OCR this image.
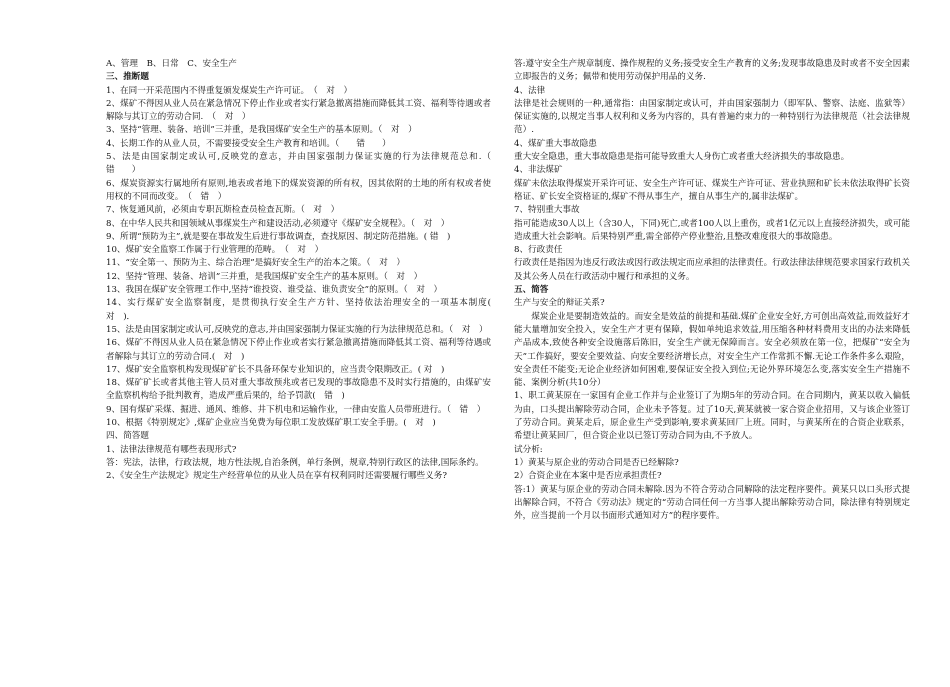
A、管理　B、日常　C、安全生产

三、推断题

1、在同一开采范围内不得重复颁发煤炭生产许可证。　（　对　）

2、煤矿不得因从业人员在紧急情况下停止作业或者实行紧急撤离措施而降低其工资、福利等待遇或者解除与其订立的劳动合同.　（　对　）

3、坚持“管理、装备、培训”三并重，是我国煤矿安全生产的基本原则。（　对　）

4、长期工作的从业人员，不需要接受安全生产教育和培训。（　　错　　）

5、法是由国家制定或认可,反映党的意志，并由国家强制力保证实施的行为法律规范总和.（　　错　　）

6、煤炭资源实行属地所有原则,地表或者地下的煤炭资源的所有权，因其依附的土地的所有权或者使用权的不同而改变。　（　错　）

7、恢复通风前，必须由专职瓦斯检查员检查瓦斯。（　对　）

8、在中华人民共和国领域从事煤炭生产和建设活动,必须遵守《煤矿安全规程》。（　对　）

9、所谓“预防为主”,就是要在事故发生后进行事故调查，查找原因、制定防范措施。( 错　)

10、煤矿安全监察工作属于行业管理的范畴。　（　对　）

11、“安全第一、预防为主、综合治理”是搞好安全生产的治本之策。（　对　）

12、坚持“管理、装备、培训”三并重，是我国煤矿安全生产的基本原则。（　对　）

13、我国在煤矿安全管理工作中,坚持“谁投资、谁受益、谁负责安全”的原则。（　对　）

14、实行煤矿安全监察制度，是贯彻执行安全生产方针、坚持依法治理安全的一项基本制度(　对　)．

15、法是由国家制定或认可,反映党的意志,并由国家强制力保证实施的行为法律规范总和。（　对　）

16、煤矿不得因从业人员在紧急情况下停止作业或者实行紧急撤离措施而降低其工资、福利等待遇或者解除与其订立的劳动合同.(　对　)

17、煤矿安全监察机构发现煤矿矿长不具备环保专业知识的，应当责令限期改正。( 对　)

18、煤矿矿长或者其他主管人员对重大事故预兆或者已发现的事故隐患不及时实行措施的，由煤矿安全监察机构给予批判教育，造成严重后果的，给予罚款(　错　)

9、国有煤矿采煤、掘进、通风、维修、井下机电和运输作业，一律由安监人员带班进行。（　错　）

10、根据《特别规定》,煤矿企业应当免费为每位职工发放煤矿职工安全手册。(　对　)

四、简答题

1、法律法律规范有哪些表现形式?

答：宪法，法律，行政法规，地方性法规,自治条例，单行条例，规章,特别行政区的法律,国际条约。

2、《安全生产法规定》规定生产经营单位的从业人员在享有权利同时还需要履行哪些义务?

答:遵守安全生产规章制度、操作规程的义务;接受安全生产教育的义务;发现事故隐患及时或者不安全因素立即报告的义务；佩带和使用劳动保护用品的义务.

4、法律

法律是社会规则的一种,通常指：由国家制定或认可，并由国家强制力（即军队、警察、法庭、监狱等）保证实施的,以规定当事人权利和义务为内容的，具有普遍约束力的一种特别行为法律规范（社会法律规范）.

4、煤矿重大事故隐患

重大安全隐患，重大事故隐患是指可能导致重大人身伤亡或者重大经济损失的事故隐患。

4、非法煤矿

煤矿未依法取得煤炭开采许可证、安全生产许可证、煤炭生产许可证、营业执照和矿长未依法取得矿长资格证、矿长安全资格证的,煤矿不得从事生产，擅自从事生产的,属非法煤矿。

7、特别重大事故

指可能造成30人以上（含30人，下同)死亡,或者100人以上重伤，或者1亿元以上直接经济损失，或可能造成重大社会影响。后果特别严重,需全部停产停业整治,且整改难度很大的事故隐患。

8、行政责任

行政责任是指因为违反行政法或因行政法规定而应承担的法律责任。行政法律法律规范要求国家行政机关及其公务人员在行政活动中履行和承担的义务。

五、简答

生产与安全的辩证关系?

煤炭企业是要制造效益的。而安全是效益的前提和基础.煤矿企业安全好,方可创出高效益,而效益好才能大量增加安全投入，安全生产才更有保障，假如单纯追求效益,用压缩各种材料费用支出的办法来降低产品成本,致使各种安全设施落后陈旧，安全生产就无保障而言。安全必须放在第一位，把煤矿“安全为天”工作搞好，要安全要效益、向安全要经济增长点，对安全生产工作常抓不懈.无论工作条件多么艰险，安全责任不能变;无论企业经济如何困难,要保证安全投入到位;无论外界环境怎么变,落实安全生产措施不能、案例分析(共10分）

1、职工黄某原在一家国有企业工作并与企业签订了为期5年的劳动合同。在合同期内，黄某以收入偏低为由，口头提出解除劳动合同，企业未予答复。过了10天,黄某就被一家合资企业招用，又与该企业签订了劳动合同。黄某走后，原企业生产受到影响,要求黄某回厂上班。同时，与黄某所在的合资企业联系，希望让黄某回厂，但合资企业以已签订劳动合同为由,不予放人。

试分析:

1）黄某与原企业的劳动合同是否已经解除?

2）合资企业在本案中是否应承担责任?

答:1）黄某与原企业的劳动合同未解除.因为不符合劳动合同解除的法定程序要件。黄某只以口头形式提出解除合同，不符合《劳动法》规定的“劳动合同任何一方当事人提出解除劳动合同，除法律有特别规定外，应当提前一个月以书面形式通知对方”的程序要件。
